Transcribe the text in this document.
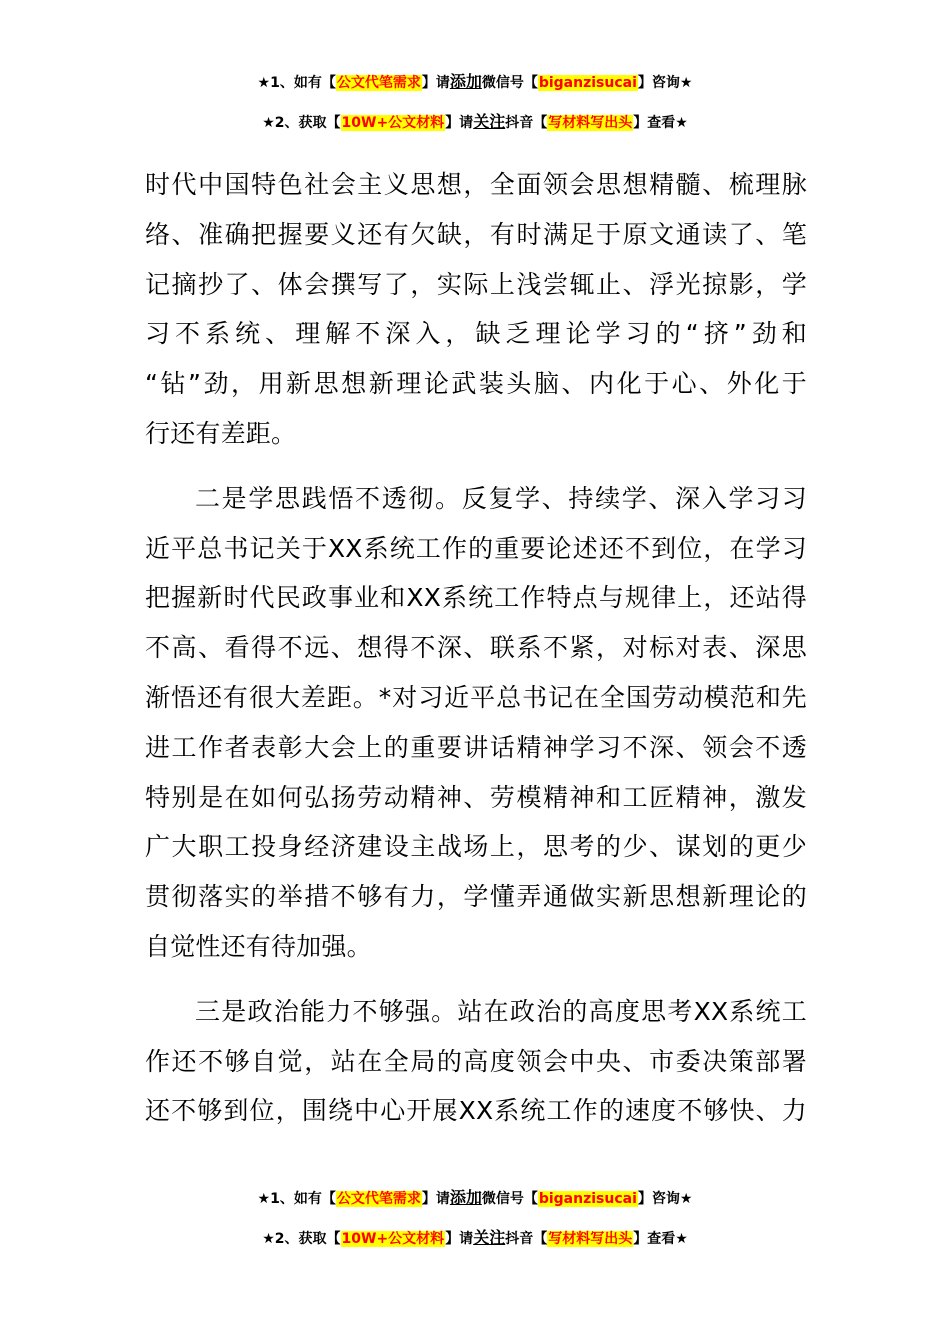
★1、如有【公文代笔需求】请添加微信号【biganzisucai】咨询★
★2、获取【10W+公文材料】请关注抖音【写材料写出头】查看★

时代中国特色社会主义思想，全面领会思想精髓、梳理脉
络、准确把握要义还有欠缺，有时满足于原文通读了、笔
记摘抄了、体会撰写了，实际上浅尝辄止、浮光掠影，学
习不系统、理解不深入，缺乏理论学习的“挤”劲和
“钻”劲，用新思想新理论武装头脑、内化于心、外化于
行还有差距。

二是学思践悟不透彻。反复学、持续学、深入学习习
近平总书记关于XX系统工作的重要论述还不到位，在学习
把握新时代民政事业和XX系统工作特点与规律上，还站得
不高、看得不远、想得不深、联系不紧，对标对表、深思
渐悟还有很大差距。*对习近平总书记在全国劳动模范和先
进工作者表彰大会上的重要讲话精神学习不深、领会不透
特别是在如何弘扬劳动精神、劳模精神和工匠精神，激发
广大职工投身经济建设主战场上，思考的少、谋划的更少
贯彻落实的举措不够有力，学懂弄通做实新思想新理论的
自觉性还有待加强。

三是政治能力不够强。站在政治的高度思考XX系统工
作还不够自觉，站在全局的高度领会中央、市委决策部署
还不够到位，围绕中心开展XX系统工作的速度不够快、力

★1、如有【公文代笔需求】请添加微信号【biganzisucai】咨询★
★2、获取【10W+公文材料】请关注抖音【写材料写出头】查看★
